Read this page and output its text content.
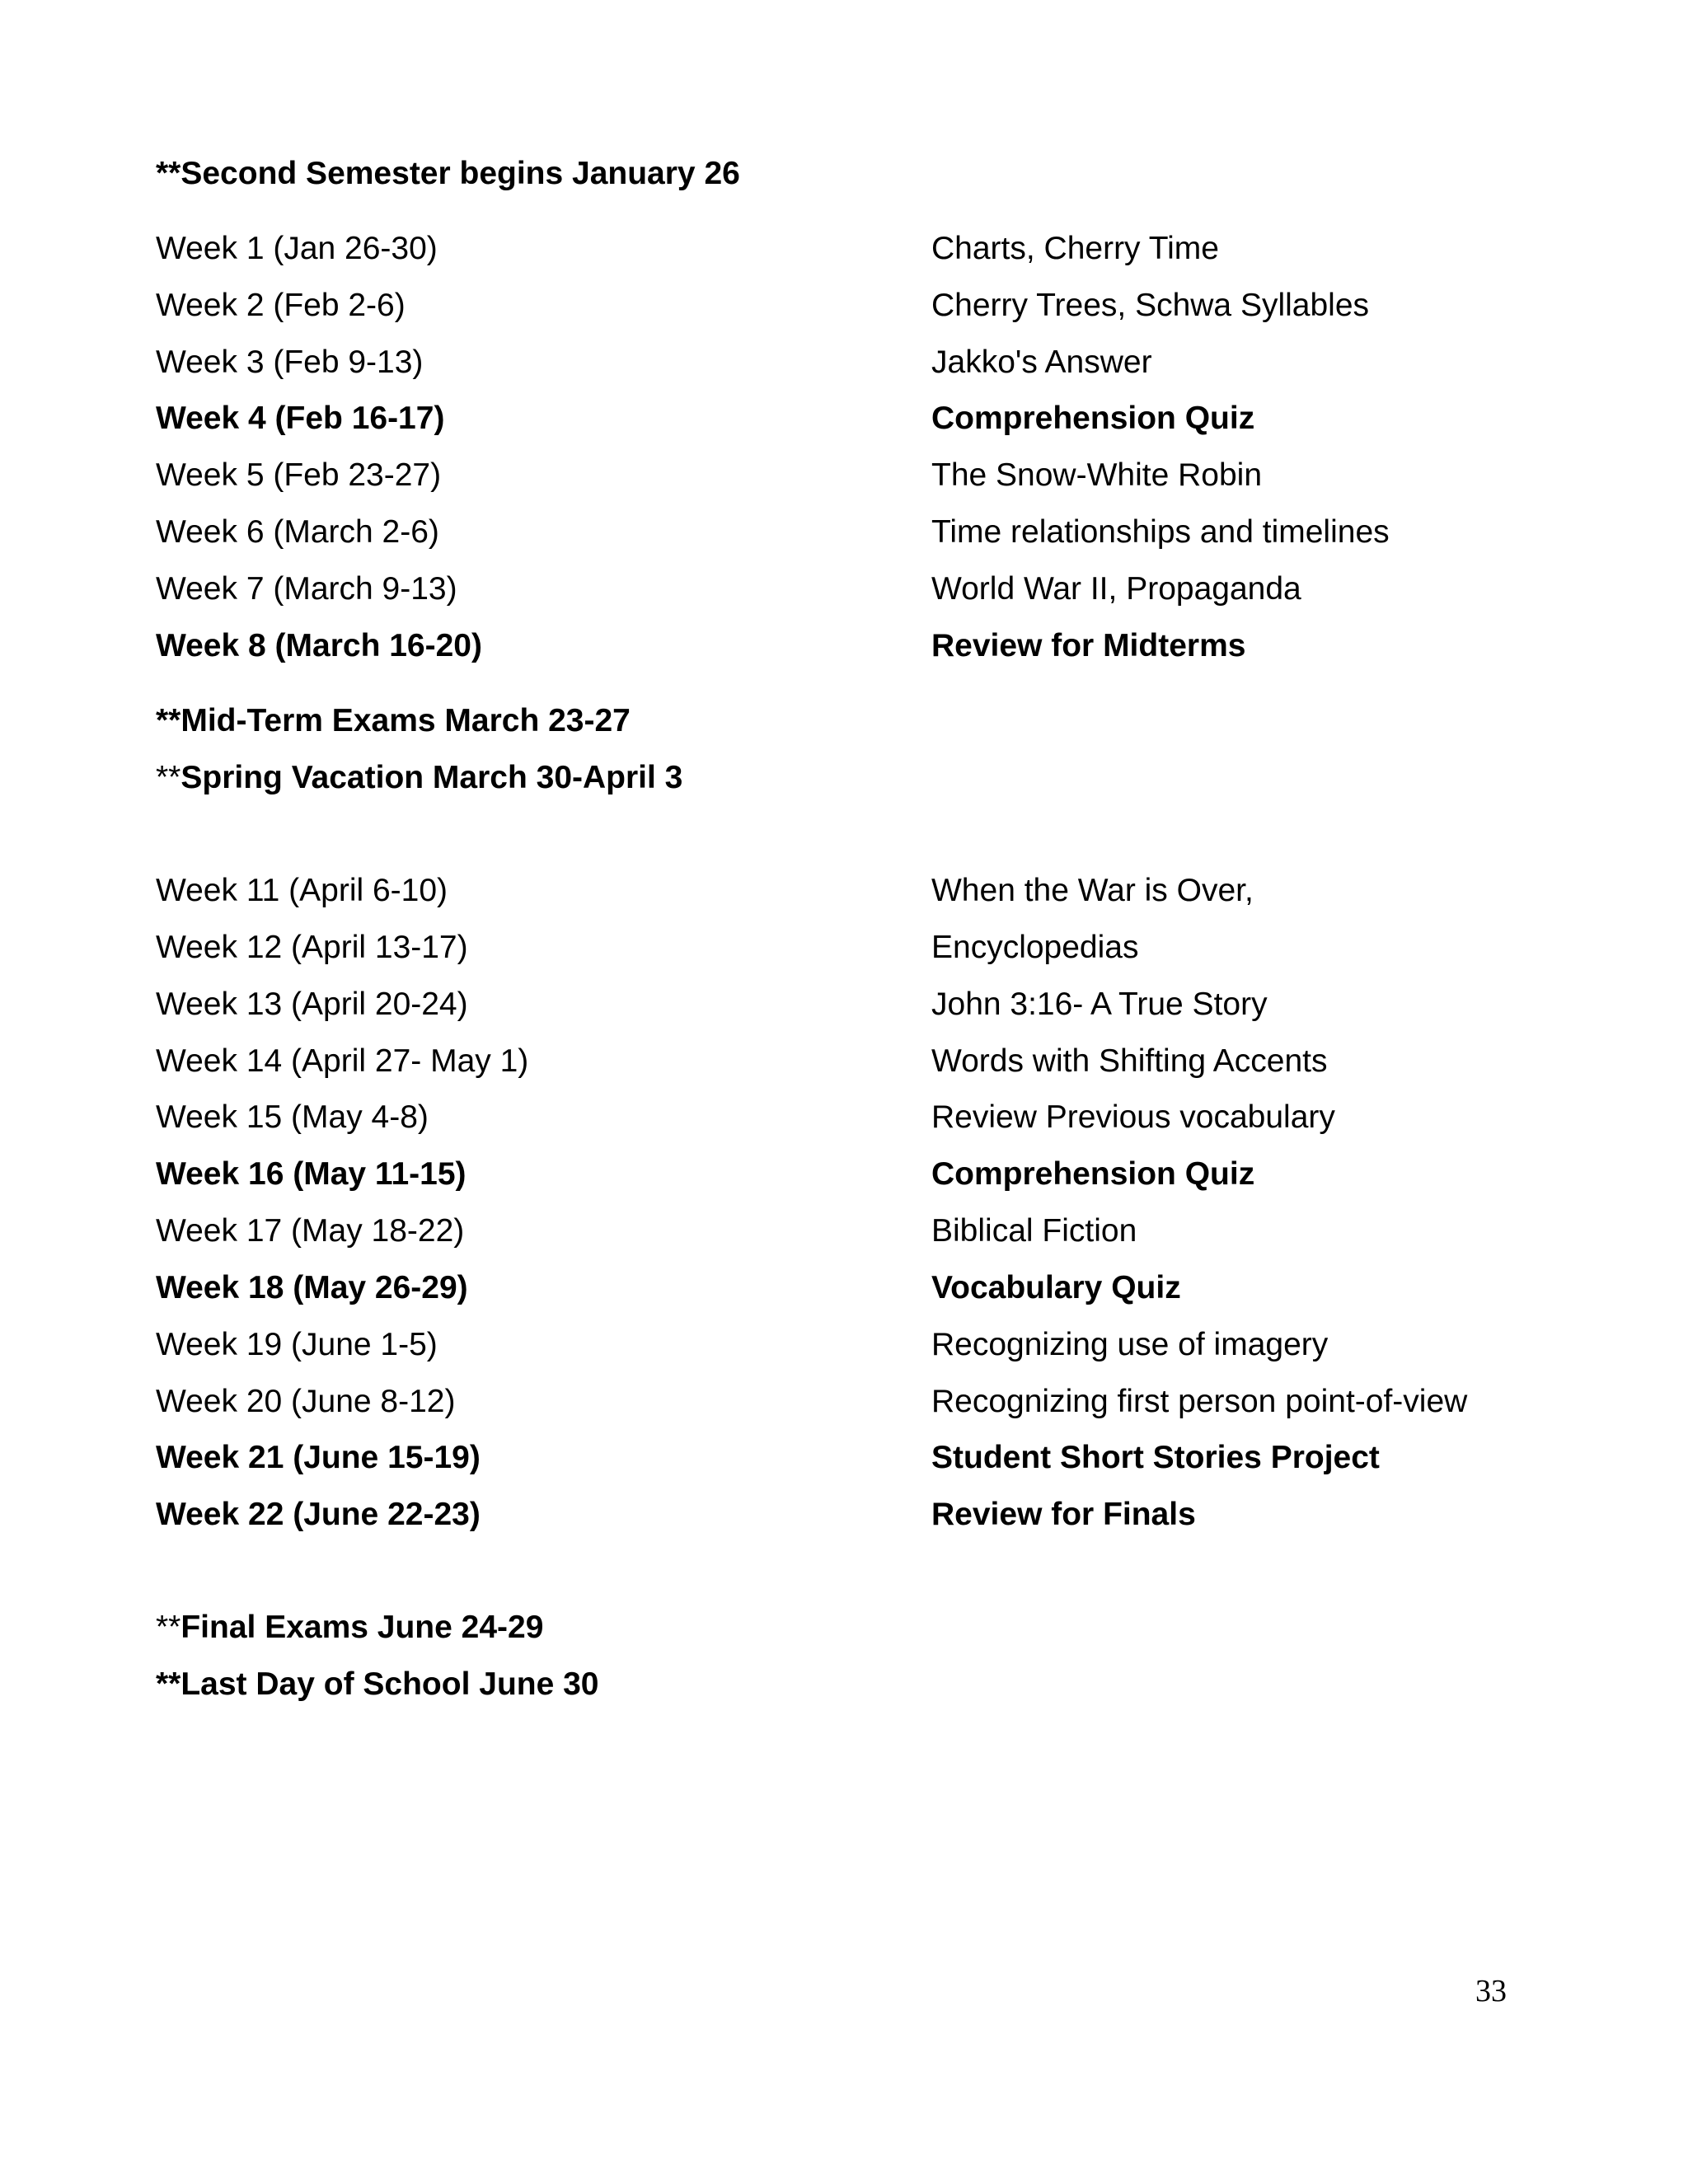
**Second Semester begins January 26
Week 1 (Jan 26-30)	Charts, Cherry Time
Week 2 (Feb 2-6)	Cherry Trees, Schwa Syllables
Week 3 (Feb 9-13)	Jakko's Answer
Week 4 (Feb 16-17)	Comprehension Quiz
Week 5 (Feb 23-27)	The Snow-White Robin
Week 6 (March 2-6)	Time relationships and timelines
Week 7 (March 9-13)	World War II, Propaganda
Week 8 (March 16-20)	Review for Midterms
**Mid-Term Exams March 23-27
**Spring Vacation March 30-April 3
Week 11 (April 6-10)	When the War is Over,
Week 12 (April 13-17)	Encyclopedias
Week 13 (April 20-24)	John 3:16- A True Story
Week 14 (April 27- May 1)	Words with Shifting Accents
Week 15 (May 4-8)	Review Previous vocabulary
Week 16 (May 11-15)	Comprehension Quiz
Week 17 (May 18-22)	Biblical Fiction
Week 18 (May 26-29)	Vocabulary Quiz
Week 19 (June 1-5)	Recognizing use of imagery
Week 20 (June 8-12)	Recognizing first person point-of-view
Week 21 (June 15-19)	Student Short Stories Project
Week 22 (June 22-23)	Review for Finals
**Final Exams June 24-29
**Last Day of School June 30
33
